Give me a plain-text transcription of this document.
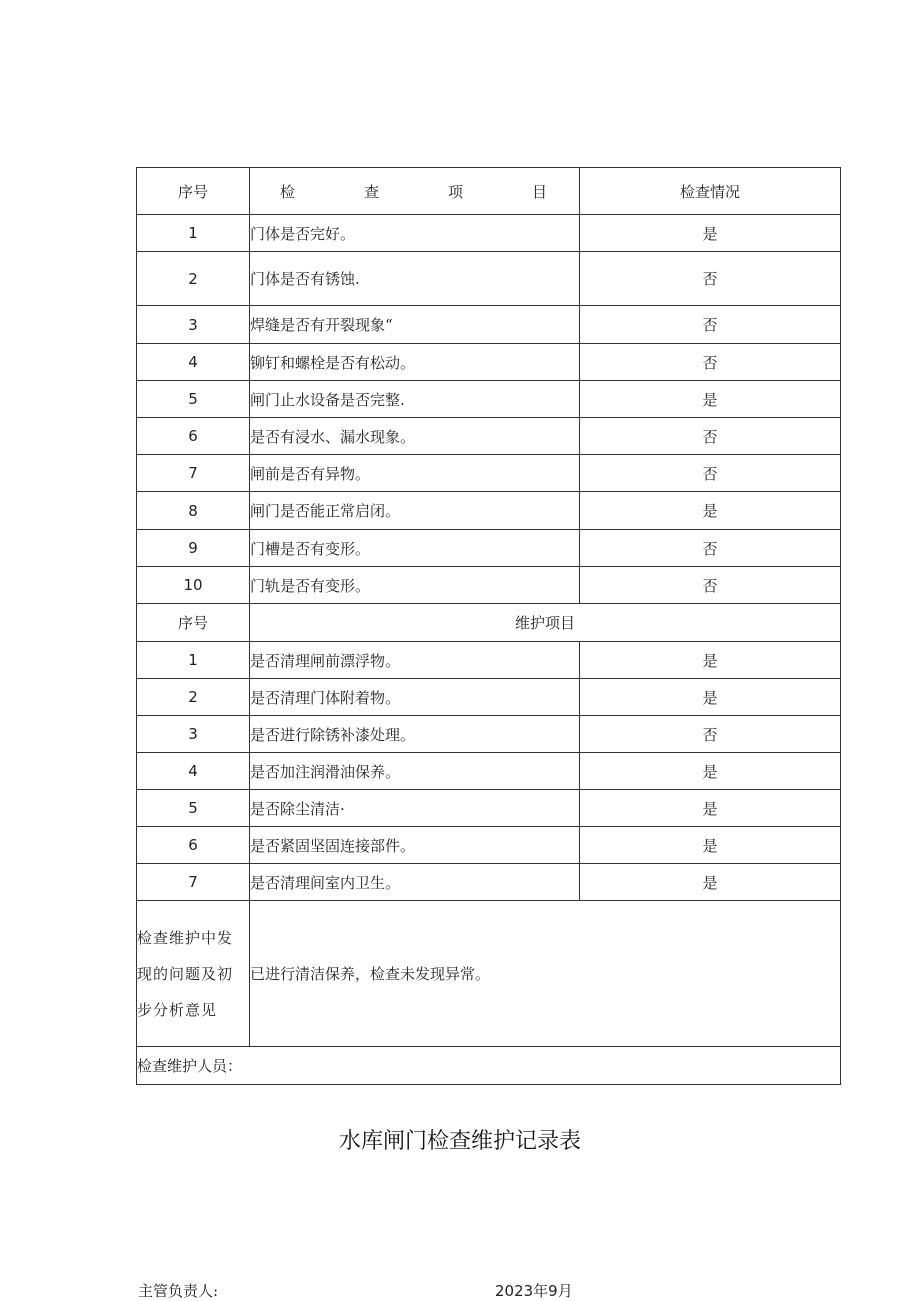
序号	检 查 项 目	检查情况
1	门体是否完好。	是
2	门体是否有锈蚀.	否
3	焊缝是否有开裂现象“	否
4	铆钉和螺栓是否有松动。	否
5	闸门止水设备是否完整.	是
6	是否有浸水、漏水现象。	否
7	闸前是否有异物。	否
8	闸门是否能正常启闭。	是
9	门槽是否有变形。	否
10	门轨是否有变形。	否
序号	维护项目	
1	是否清理闸前漂浮物。	是
2	是否清理门体附着物。	是
3	是否进行除锈补漆处理。	否
4	是否加注润滑油保养。	是
5	是否除尘清洁·	是
6	是否紧固坚固连接部件。	是
7	是否清理间室内卫生。	是

检查维护中发
现的问题及初
步分析意见	已进行清洁保养，检查未发现异常。	
检查维护人员：		
水库闸门检查维护记录表
主管负责人:	2023年9月
